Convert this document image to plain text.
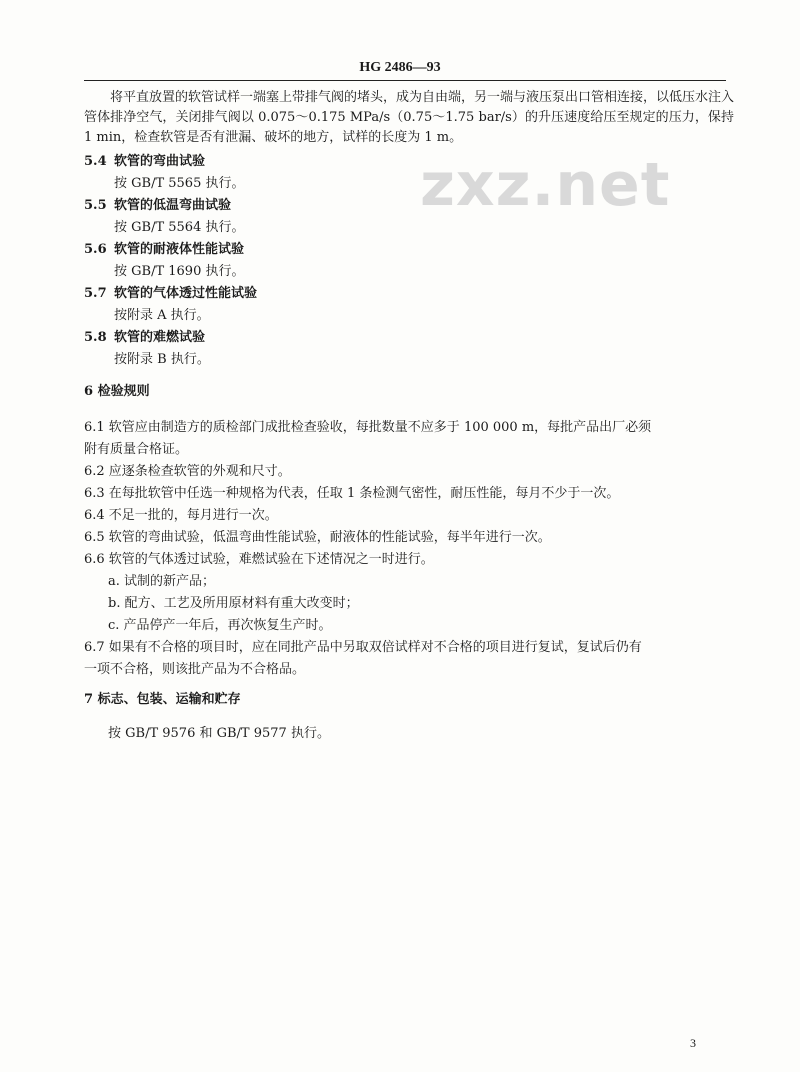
zxz.net
HG 2486—93
将平直放置的软管试样一端塞上带排气阀的堵头，成为自由端，另一端与液压泵出口管相连接，以低压水注入管体排净空气，关闭排气阀以 0.075～0.175 MPa/s（0.75～1.75 bar/s）的升压速度给压至规定的压力，保持 1 min，检查软管是否有泄漏、破坏的地方，试样的长度为 1 m。
5.4 软管的弯曲试验
按 GB/T 5565 执行。
5.5 软管的低温弯曲试验
按 GB/T 5564 执行。
5.6 软管的耐液体性能试验
按 GB/T 1690 执行。
5.7 软管的气体透过性能试验
按附录 A 执行。
5.8 软管的难燃试验
按附录 B 执行。
6 检验规则
6.1 软管应由制造方的质检部门成批检查验收，每批数量不应多于 100 000 m，每批产品出厂必须
附有质量合格证。
6.2 应逐条检查软管的外观和尺寸。
6.3 在每批软管中任选一种规格为代表，任取 1 条检测气密性，耐压性能，每月不少于一次。
6.4 不足一批的，每月进行一次。
6.5 软管的弯曲试验，低温弯曲性能试验，耐液体的性能试验，每半年进行一次。
6.6 软管的气体透过试验，难燃试验在下述情况之一时进行。
a. 试制的新产品；
b. 配方、工艺及所用原材料有重大改变时；
c. 产品停产一年后，再次恢复生产时。
6.7 如果有不合格的项目时，应在同批产品中另取双倍试样对不合格的项目进行复试，复试后仍有
一项不合格，则该批产品为不合格品。
7 标志、包装、运输和贮存
按 GB/T 9576 和 GB/T 9577 执行。
3
